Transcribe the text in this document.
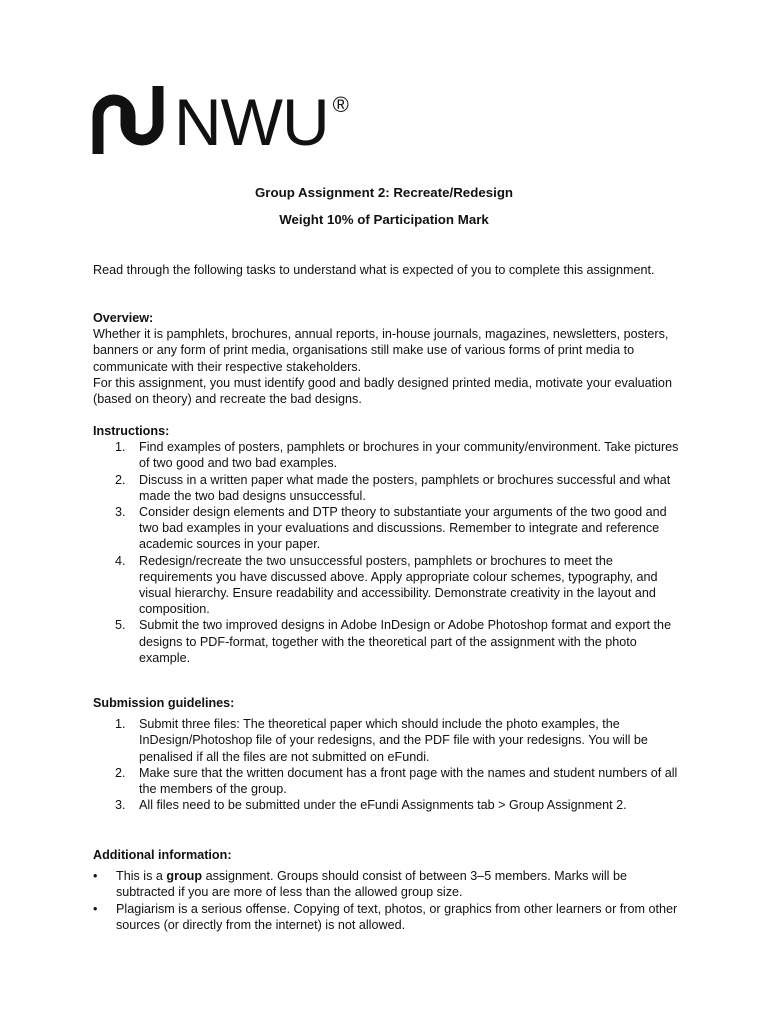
NWU ®
Group Assignment 2: Recreate/Redesign
Weight 10% of Participation Mark

Read through the following tasks to understand what is expected of you to complete this assignment.

Overview:

Whether it is pamphlets, brochures, annual reports, in-house journals, magazines, newsletters, posters, banners or any form of print media, organisations still make use of various forms of print media to communicate with their respective stakeholders.

For this assignment, you must identify good and badly designed printed media, motivate your evaluation (based on theory) and recreate the bad designs.

Instructions:

1. Find examples of posters, pamphlets or brochures in your community/environment. Take pictures of two good and two bad examples.
2. Discuss in a written paper what made the posters, pamphlets or brochures successful and what made the two bad designs unsuccessful.
3. Consider design elements and DTP theory to substantiate your arguments of the two good and two bad examples in your evaluations and discussions. Remember to integrate and reference academic sources in your paper.
4. Redesign/recreate the two unsuccessful posters, pamphlets or brochures to meet the requirements you have discussed above. Apply appropriate colour schemes, typography, and visual hierarchy. Ensure readability and accessibility. Demonstrate creativity in the layout and composition.
5. Submit the two improved designs in Adobe InDesign or Adobe Photoshop format and export the designs to PDF-format, together with the theoretical part of the assignment with the photo example.

Submission guidelines:

1. Submit three files: The theoretical paper which should include the photo examples, the InDesign/Photoshop file of your redesigns, and the PDF file with your redesigns. You will be penalised if all the files are not submitted on eFundi.
2. Make sure that the written document has a front page with the names and student numbers of all the members of the group.
3. All files need to be submitted under the eFundi Assignments tab > Group Assignment 2.

Additional information:

• This is a group assignment. Groups should consist of between 3–5 members. Marks will be subtracted if you are more of less than the allowed group size.
• Plagiarism is a serious offense. Copying of text, photos, or graphics from other learners or from other sources (or directly from the internet) is not allowed.
